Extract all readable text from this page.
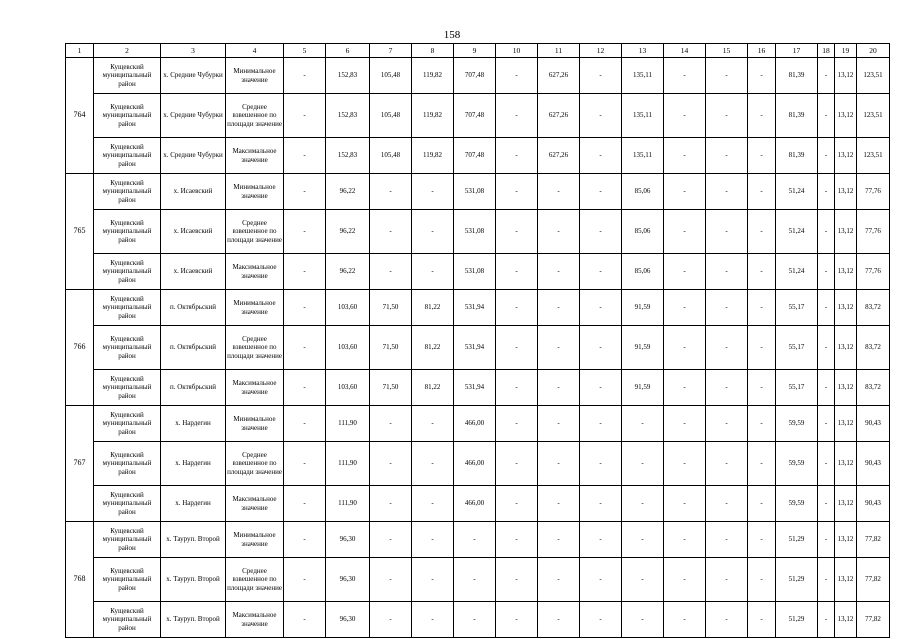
158
1	2	3	4	5	6	7	8	9	10	11	12	13	14	15	16	17	18	19	20
764	Кущевский муниципальный район	х. Средние Чубурки	Минимальное значение	-	152,83	105,48	119,82	707,48	-	627,26	-	135,11	-	-	-	81,39	-	13,12	123,51
	Кущевский муниципальный район	х. Средние Чубурки	Среднее взвешенное по площади значение	-	152,83	105,48	119,82	707,48	-	627,26	-	135,11	-	-	-	81,39	-	13,12	123,51
	Кущевский муниципальный район	х. Средние Чубурки	Максимальное значение	-	152,83	105,48	119,82	707,48	-	627,26	-	135,11	-	-	-	81,39	-	13,12	123,51
765	Кущевский муниципальный район	х. Исаевский	Минимальное значение	-	96,22	-	-	531,08	-	-	-	85,06	-	-	-	51,24	-	13,12	77,76
	Кущевский муниципальный район	х. Исаевский	Среднее взвешенное по площади значение	-	96,22	-	-	531,08	-	-	-	85,06	-	-	-	51,24	-	13,12	77,76
	Кущевский муниципальный район	х. Исаевский	Максимальное значение	-	96,22	-	-	531,08	-	-	-	85,06	-	-	-	51,24	-	13,12	77,76
766	Кущевский муниципальный район	п. Октябрьский	Минимальное значение	-	103,60	71,50	81,22	531,94	-	-	-	91,59	-	-	-	55,17	-	13,12	83,72
	Кущевский муниципальный район	п. Октябрьский	Среднее взвешенное по площади значение	-	103,60	71,50	81,22	531,94	-	-	-	91,59	-	-	-	55,17	-	13,12	83,72
	Кущевский муниципальный район	п. Октябрьский	Максимальное значение	-	103,60	71,50	81,22	531,94	-	-	-	91,59	-	-	-	55,17	-	13,12	83,72
767	Кущевский муниципальный район	х. Нардегин	Минимальное значение	-	111,90	-	-	466,00	-	-	-	-	-	-	-	59,59	-	13,12	90,43
	Кущевский муниципальный район	х. Нардегин	Среднее взвешенное по площади значение	-	111,90	-	-	466,00	-	-	-	-	-	-	-	59,59	-	13,12	90,43
	Кущевский муниципальный район	х. Нардегин	Максимальное значение	-	111,90	-	-	466,00	-	-	-	-	-	-	-	59,59	-	13,12	90,43
768	Кущевский муниципальный район	х. Тауруп. Второй	Минимальное значение	-	96,30	-	-	-	-	-	-	-	-	-	-	51,29	-	13,12	77,82
	Кущевский муниципальный район	х. Тауруп. Второй	Среднее взвешенное по площади значение	-	96,30	-	-	-	-	-	-	-	-	-	-	51,29	-	13,12	77,82
	Кущевский муниципальный район	х. Тауруп. Второй	Максимальное значение	-	96,30	-	-	-	-	-	-	-	-	-	-	51,29	-	13,12	77,82
